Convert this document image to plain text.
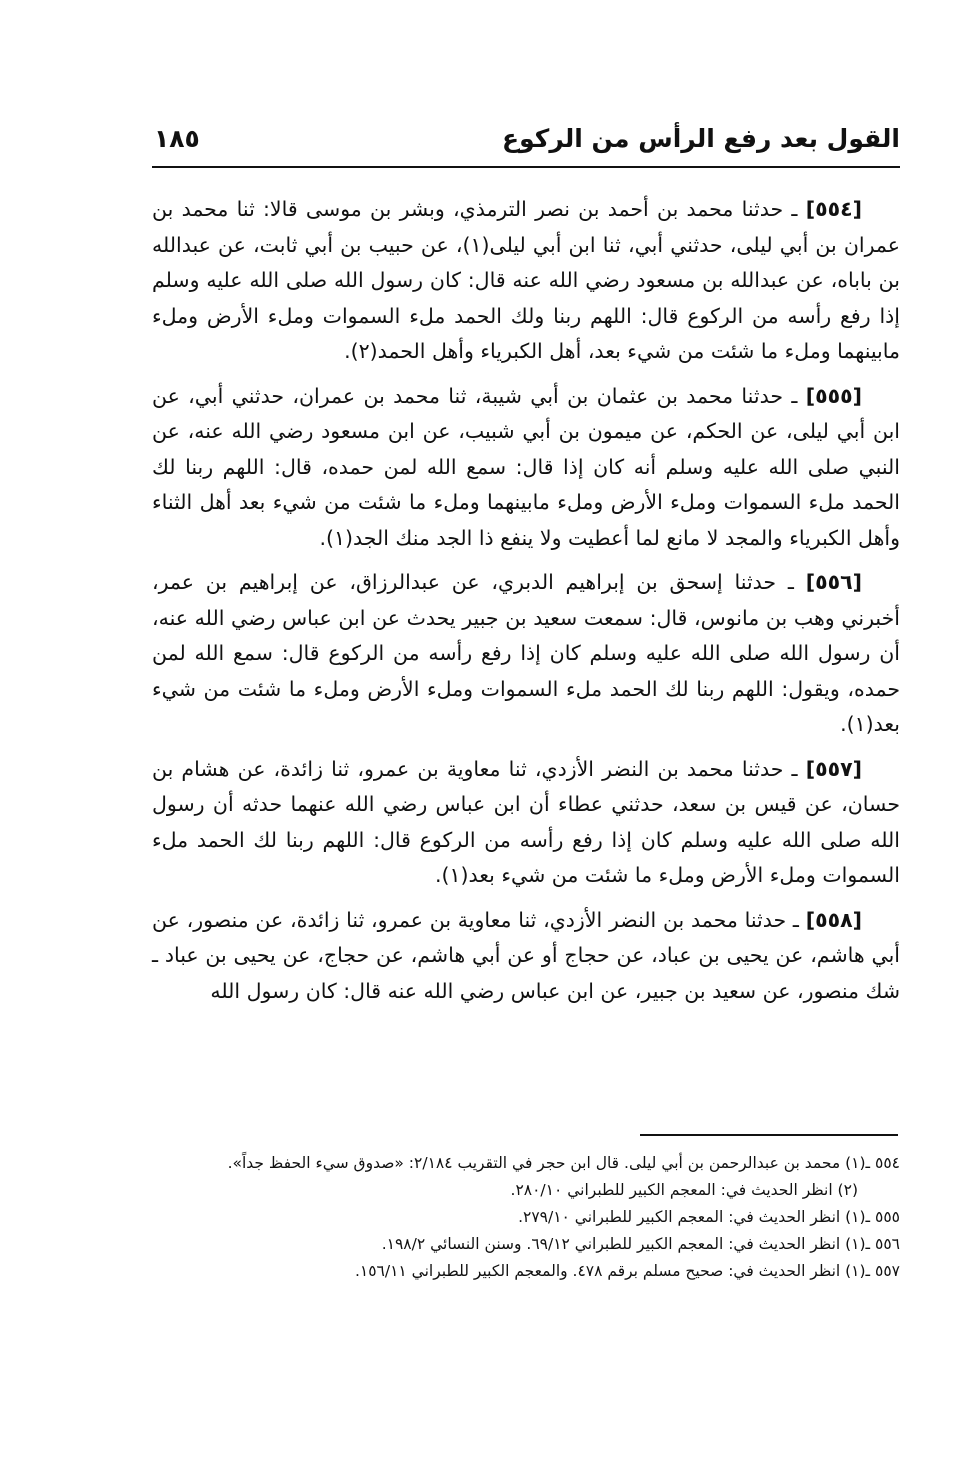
القول بعد رفع الرأس من الركوع
١٨٥

[٥٥٤] ـ حدثنا محمد بن أحمد بن نصر الترمذي، وبشر بن موسى قالا: ثنا محمد بن عمران بن أبي ليلى، حدثني أبي، ثنا ابن أبي ليلى(١)، عن حبيب بن أبي ثابت، عن عبدالله بن باباه، عن عبدالله بن مسعود رضي الله عنه قال: كان رسول الله صلى الله عليه وسلم إذا رفع رأسه من الركوع قال: اللهم ربنا ولك الحمد ملء السموات وملء الأرض وملء مابينهما وملء ما شئت من شيء بعد، أهل الكبرياء وأهل الحمد(٢).

[٥٥٥] ـ حدثنا محمد بن عثمان بن أبي شيبة، ثنا محمد بن عمران، حدثني أبي، عن ابن أبي ليلى، عن الحكم، عن ميمون بن أبي شبيب، عن ابن مسعود رضي الله عنه، عن النبي صلى الله عليه وسلم أنه كان إذا قال: سمع الله لمن حمده، قال: اللهم ربنا لك الحمد ملء السموات وملء الأرض وملء مابينهما وملء ما شئت من شيء بعد أهل الثناء وأهل الكبرياء والمجد لا مانع لما أعطيت ولا ينفع ذا الجد منك الجد(١).

[٥٥٦] ـ حدثنا إسحق بن إبراهيم الدبري، عن عبدالرزاق، عن إبراهيم بن عمر، أخبرني وهب بن مانوس، قال: سمعت سعيد بن جبير يحدث عن ابن عباس رضي الله عنه، أن رسول الله صلى الله عليه وسلم كان إذا رفع رأسه من الركوع قال: سمع الله لمن حمده، ويقول: اللهم ربنا لك الحمد ملء السموات وملء الأرض وملء ما شئت من شيء بعد(١).

[٥٥٧] ـ حدثنا محمد بن النضر الأزدي، ثنا معاوية بن عمرو، ثنا زائدة، عن هشام بن حسان، عن قيس بن سعد، حدثني عطاء أن ابن عباس رضي الله عنهما حدثه أن رسول الله صلى الله عليه وسلم كان إذا رفع رأسه من الركوع قال: اللهم ربنا لك الحمد ملء السموات وملء الأرض وملء ما شئت من شيء بعد(١).

[٥٥٨] ـ حدثنا محمد بن النضر الأزدي، ثنا معاوية بن عمرو، ثنا زائدة، عن منصور، عن أبي هاشم، عن يحيى بن عباد، عن حجاج أو عن أبي هاشم، عن حجاج، عن يحيى بن عباد ـ شك منصور، عن سعيد بن جبير، عن ابن عباس رضي الله عنه قال: كان رسول الله

٥٥٤ ـ(١) محمد بن عبدالرحمن بن أبي ليلى. قال ابن حجر في التقريب ٢/١٨٤: «صدوق سيء الحفظ جداً».

(٢) انظر الحديث في: المعجم الكبير للطبراني ٢٨٠/١٠.

٥٥٥ ـ(١) انظر الحديث في: المعجم الكبير للطبراني ٢٧٩/١٠.

٥٥٦ ـ(١) انظر الحديث في: المعجم الكبير للطبراني ٦٩/١٢. وسنن النسائي ١٩٨/٢.

٥٥٧ ـ(١) انظر الحديث في: صحيح مسلم برقم ٤٧٨. والمعجم الكبير للطبراني ١٥٦/١١.
